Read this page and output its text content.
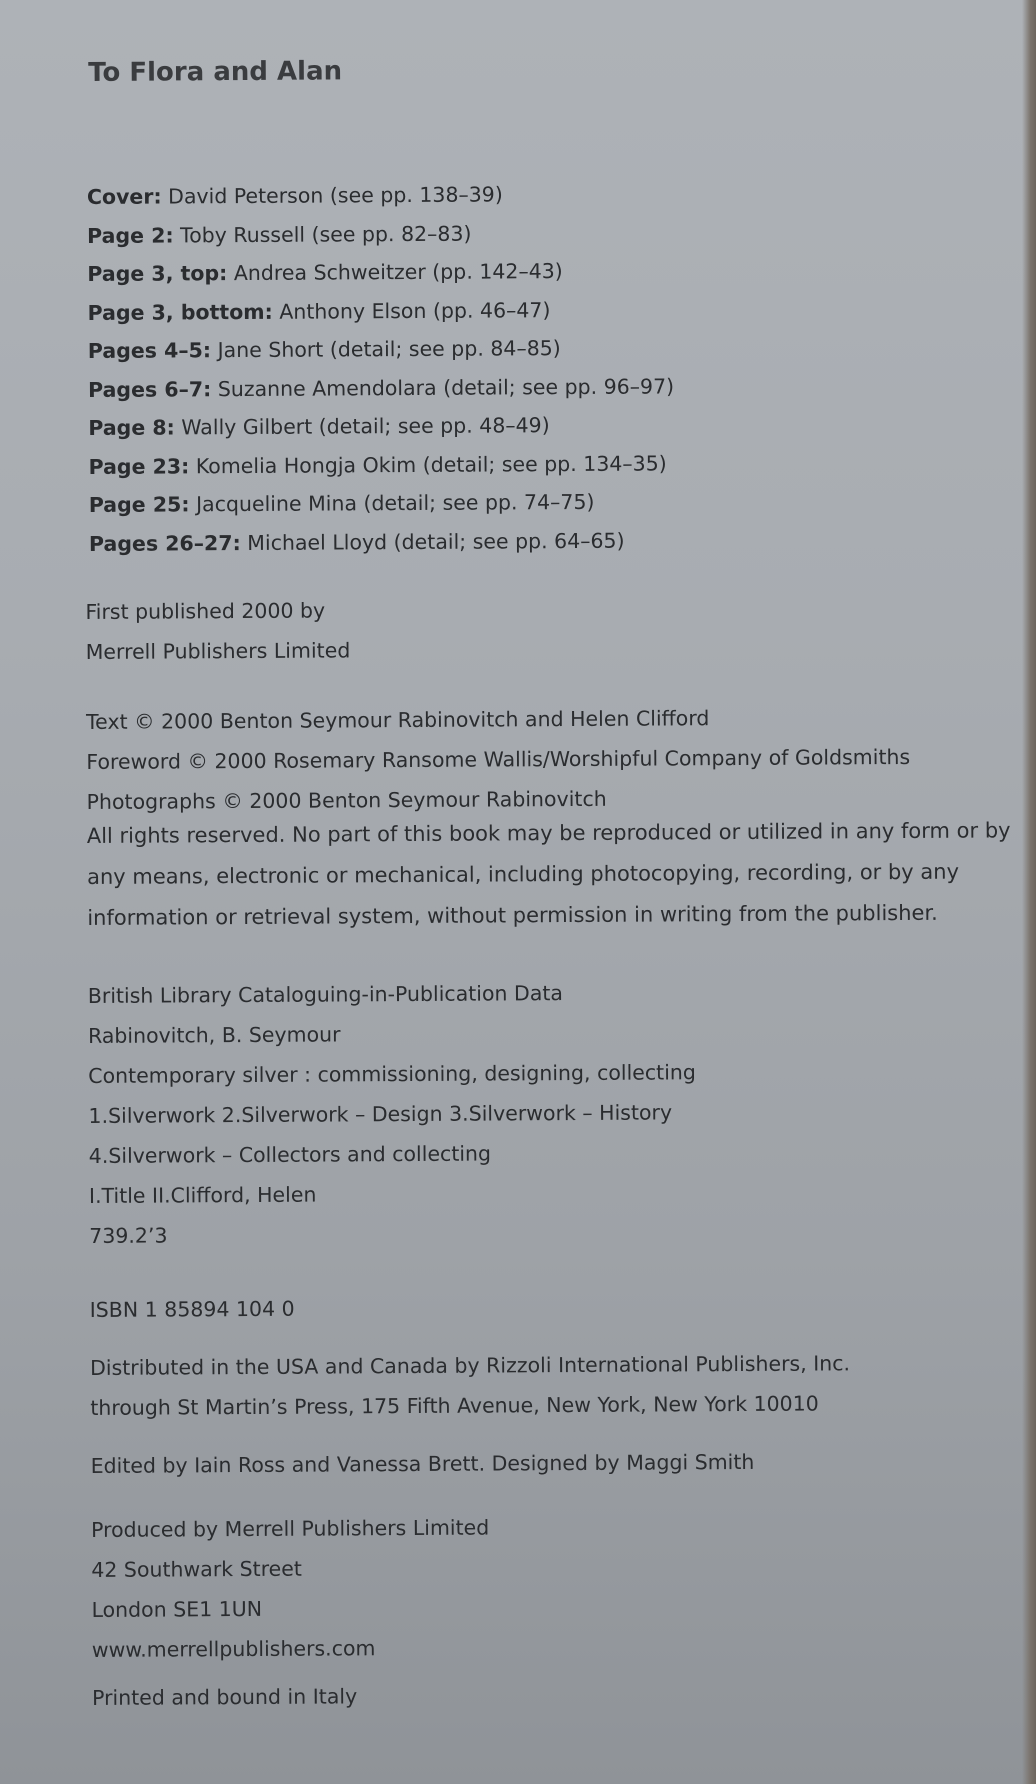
To Flora and Alan
Cover: David Peterson (see pp. 138–39)
Page 2: Toby Russell (see pp. 82–83)
Page 3, top: Andrea Schweitzer (pp. 142–43)
Page 3, bottom: Anthony Elson (pp. 46–47)
Pages 4–5: Jane Short (detail; see pp. 84–85)
Pages 6–7: Suzanne Amendolara (detail; see pp. 96–97)
Page 8: Wally Gilbert (detail; see pp. 48–49)
Page 23: Komelia Hongja Okim (detail; see pp. 134–35)
Page 25: Jacqueline Mina (detail; see pp. 74–75)
Pages 26–27: Michael Lloyd (detail; see pp. 64–65)
First published 2000 by
Merrell Publishers Limited
Text © 2000 Benton Seymour Rabinovitch and Helen Clifford
Foreword © 2000 Rosemary Ransome Wallis/Worshipful Company of Goldsmiths
Photographs © 2000 Benton Seymour Rabinovitch
All rights reserved. No part of this book may be reproduced or utilized in any form or by
any means, electronic or mechanical, including photocopying, recording, or by any
information or retrieval system, without permission in writing from the publisher.
British Library Cataloguing-in-Publication Data
Rabinovitch, B. Seymour
Contemporary silver : commissioning, designing, collecting
1.Silverwork 2.Silverwork – Design 3.Silverwork – History
4.Silverwork – Collectors and collecting
I.Title II.Clifford, Helen
739.2’3
ISBN 1 85894 104 0
Distributed in the USA and Canada by Rizzoli International Publishers, Inc.
through St Martin’s Press, 175 Fifth Avenue, New York, New York 10010
Edited by Iain Ross and Vanessa Brett. Designed by Maggi Smith
Produced by Merrell Publishers Limited
42 Southwark Street
London SE1 1UN
www.merrellpublishers.com
Printed and bound in Italy
